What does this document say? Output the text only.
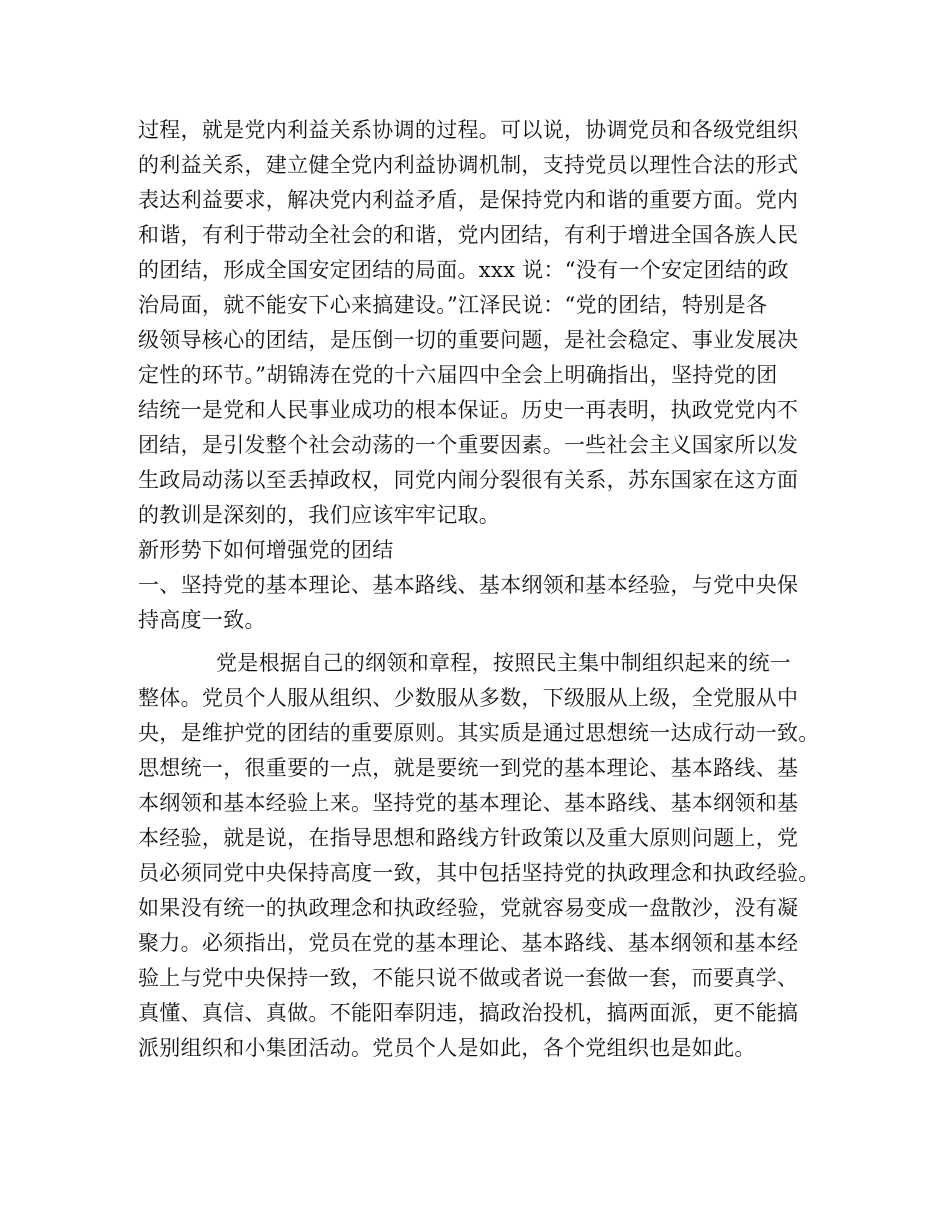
过程，就是党内利益关系协调的过程。可以说，协调党员和各级党组织
的利益关系，建立健全党内利益协调机制，支持党员以理性合法的形式
表达利益要求，解决党内利益矛盾，是保持党内和谐的重要方面。党内
和谐，有利于带动全社会的和谐，党内团结，有利于增进全国各族人民
的团结，形成全国安定团结的局面。xxx 说：“没有一个安定团结的政
治局面，就不能安下心来搞建设。”江泽民说：“党的团结，特别是各
级领导核心的团结，是压倒一切的重要问题，是社会稳定、事业发展决
定性的环节。”胡锦涛在党的十六届四中全会上明确指出，坚持党的团
结统一是党和人民事业成功的根本保证。历史一再表明，执政党党内不
团结，是引发整个社会动荡的一个重要因素。一些社会主义国家所以发
生政局动荡以至丢掉政权，同党内闹分裂很有关系，苏东国家在这方面
的教训是深刻的，我们应该牢牢记取。
新形势下如何增强党的团结
一、坚持党的基本理论、基本路线、基本纲领和基本经验，与党中央保
持高度一致。
党是根据自己的纲领和章程，按照民主集中制组织起来的统一
整体。党员个人服从组织、少数服从多数，下级服从上级，全党服从中
央，是维护党的团结的重要原则。其实质是通过思想统一达成行动一致。
思想统一，很重要的一点，就是要统一到党的基本理论、基本路线、基
本纲领和基本经验上来。坚持党的基本理论、基本路线、基本纲领和基
本经验，就是说，在指导思想和路线方针政策以及重大原则问题上，党
员必须同党中央保持高度一致，其中包括坚持党的执政理念和执政经验。
如果没有统一的执政理念和执政经验，党就容易变成一盘散沙，没有凝
聚力。必须指出，党员在党的基本理论、基本路线、基本纲领和基本经
验上与党中央保持一致，不能只说不做或者说一套做一套，而要真学、
真懂、真信、真做。不能阳奉阴违，搞政治投机，搞两面派，更不能搞
派别组织和小集团活动。党员个人是如此，各个党组织也是如此。
